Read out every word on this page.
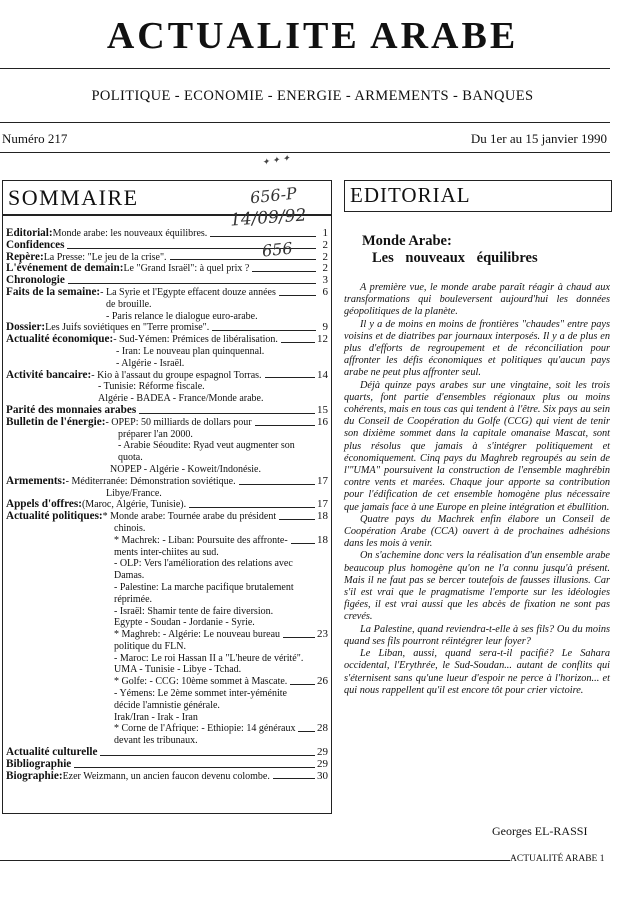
ACTUALITE ARABE
POLITIQUE - ECONOMIE - ENERGIE - ARMEMENTS - BANQUES
Numéro 217	Du 1er au 15 janvier 1990
SOMMAIRE
Editorial: Monde arabe: les nouveaux équilibres.	1
Confidences	2
Repère: La Presse: "Le jeu de la crise".	2
L'événement de demain: Le "Grand Israël": à quel prix ?	2
Chronologie	3
Faits de la semaine: - La Syrie et l'Egypte effacent douze années	6
de brouille.
- Paris relance le dialogue euro-arabe.
Dossier: Les Juifs soviétiques en "Terre promise".	9
Actualité économique: - Sud-Yémen: Prémices de libéralisation.	12
- Iran: Le nouveau plan quinquennal.
- Algérie - Israël.
Activité bancaire: - Kio à l'assaut du groupe espagnol Torras.	14
- Tunisie: Réforme fiscale.
Algérie - BADEA - France/Monde arabe.
Parité des monnaies arabes	15
Bulletin de l'énergie: - OPEP: 50 milliards de dollars pour	16
préparer l'an 2000.
- Arabie Séoudite: Ryad veut augmenter son
quota.
NOPEP - Algérie - Koweit/Indonésie.
Armements: - Méditerranée: Démonstration soviétique.	17
Libye/France.
Appels d'offres: (Maroc, Algérie, Tunisie).	17
Actualité politiques: * Monde arabe: Tournée arabe du président	18
chinois.
* Machrek: - Liban: Poursuite des affronte-	18
ments inter-chiites au sud.
- OLP: Vers l'amélioration des relations avec
Damas.
- Palestine: La marche pacifique brutalement
réprimée.
- Israël: Shamir tente de faire diversion.
Egypte - Soudan - Jordanie - Syrie.
* Maghreb: - Algérie: Le nouveau bureau	23
politique du FLN.
- Maroc: Le roi Hassan II a "L'heure de vérité".
UMA - Tunisie - Libye - Tchad.
* Golfe: - CCG: 10ème sommet à Mascate.	26
- Yémens: Le 2ème sommet inter-yéménite
décide l'amnistie générale.
Irak/Iran - Irak - Iran
* Corne de l'Afrique: - Ethiopie: 14 généraux 28
devant les tribunaux.
Actualité culturelle	29
Bibliographie	29
Biographie: Ezer Weizmann, un ancien faucon devenu colombe.	30
✦ ✦ ✦
656-P
14/09/92
656
EDITORIAL
Monde Arabe:
Les nouveaux équilibres

A première vue, le monde arabe paraît réagir à chaud aux transformations qui bouleversent aujourd'hui les données géopolitiques de la planète.

Il y a de moins en moins de frontières "chaudes" entre pays voisins et de diatribes par journaux interposés. Il y a de plus en plus d'efforts de regroupement et de réconciliation pour affronter les défis économiques et politiques qu'aucun pays arabe ne peut plus affronter seul.

Déjà quinze pays arabes sur une vingtaine, soit les trois quarts, font partie d'ensembles régionaux plus ou moins cohérents, mais en tous cas qui tendent à l'être. Six pays au sein du Conseil de Coopération du Golfe (CCG) qui vient de tenir son dixième sommet dans la capitale omanaise Mascat, sont plus résolus que jamais à s'intégrer politiquement et économiquement. Cinq pays du Maghreb regroupés au sein de l'"UMA" poursuivent la construction de l'ensemble maghrébin contre vents et marées. Chaque jour apporte sa contribution pour l'édification de cet ensemble homogène plus nécessaire que jamais face à une Europe en pleine intégration et ébullition.

Quatre pays du Machrek enfin élabore un Conseil de Coopération Arabe (CCA) ouvert à de prochaines adhésions dans les mois à venir.

On s'achemine donc vers la réalisation d'un ensemble arabe beaucoup plus homogène qu'on ne l'a connu jusqu'à présent. Mais il ne faut pas se bercer toutefois de fausses illusions. Car s'il est vrai que le pragmatisme l'emporte sur les idéologies figées, il est vrai aussi que les abcès de fixation ne sont pas crevés.

La Palestine, quand reviendra-t-elle à ses fils? Ou du moins quand ses fils pourront réintégrer leur foyer?

Le Liban, aussi, quand sera-t-il pacifié? Le Sahara occidental, l'Erythrée, le Sud-Soudan... autant de conflits qui s'éternisent sans qu'une lueur d'espoir ne perce à l'horizon... et qui nous rappellent qu'il est encore tôt pour crier victoire.

Georges EL-RASSI
ACTUALITÉ ARABE 1
